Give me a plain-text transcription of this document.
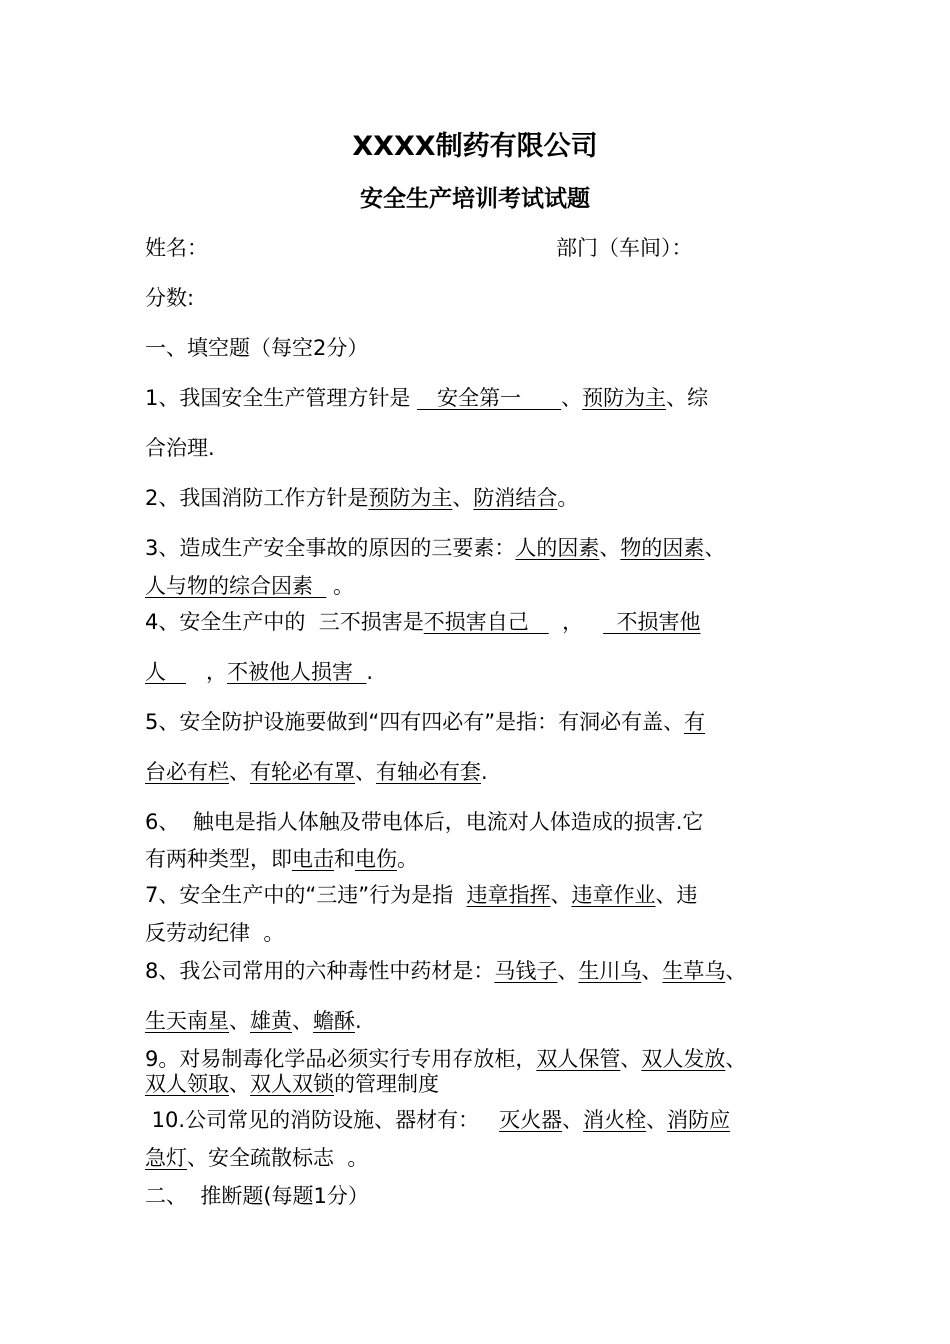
XXXX制药有限公司
安全生产培训考试试题
姓名：	部门（车间）：
分数:
一、填空题（每空2分）
1、我国安全生产管理方针是    安全第一      、预防为主、综
合治理.
2、我国消防工作方针是预防为主、防消结合。
3、造成生产安全事故的原因的三要素：人的因素、物的因素、
人与物的综合因素   。
4、安全生产中的  三不损害是不损害自己     ，     不损害他
人      ，不被他人损害  .
5、安全防护设施要做到“四有四必有”是指：有洞必有盖、有
台必有栏、有轮必有罩、有轴必有套.
6、  触电是指人体触及带电体后，电流对人体造成的损害.它
有两种类型，即电击和电伤。
7、安全生产中的“三违”行为是指  违章指挥、违章作业、违
反劳动纪律  。
8、我公司常用的六种毒性中药材是：马钱子、生川乌、生草乌、
生天南星、雄黄、蟾酥.
9。对易制毒化学品必须实行专用存放柜，双人保管、双人发放、
双人领取、双人双锁的管理制度
10.公司常见的消防设施、器材有：   灭火器、消火栓、消防应
急灯、安全疏散标志  。
二、  推断题(每题1分）
